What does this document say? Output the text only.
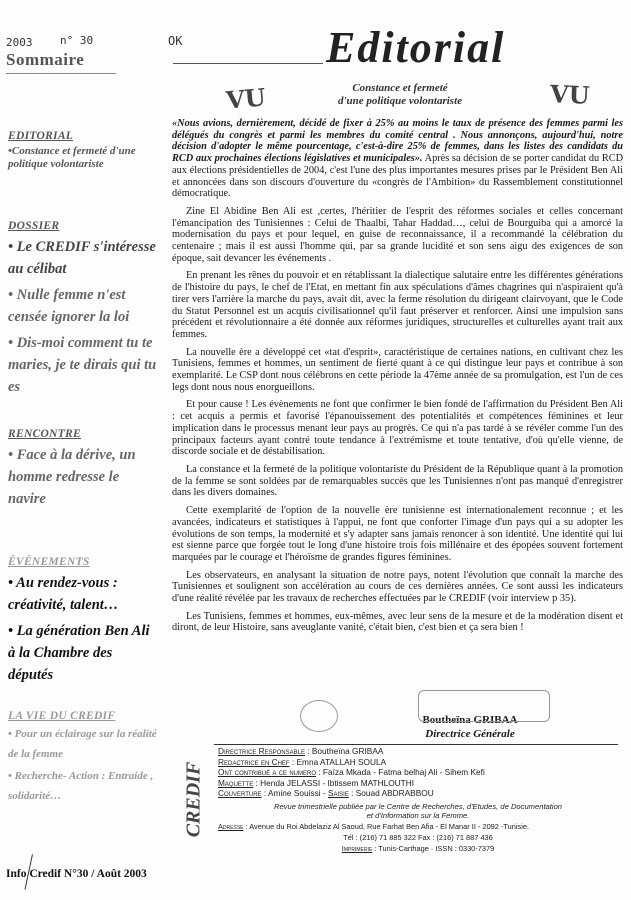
2003	n° 30	OK
Sommaire
EDITORIAL
•Constance et fermeté d'une politique volontariste
DOSSIER
• Le CREDIF s'intéresse au célibat
• Nulle femme n'est censée ignorer la loi
• Dis-moi comment tu te maries, je te dirais qui tu es
RENCONTRE
• Face à la dérive, un homme redresse le navire
ÉVÉNEMENTS
• Au rendez-vous : créativité, talent…
• La génération Ben Ali à la Chambre des députés
LA VIE DU CREDIF
• Pour un éclairage sur la réalité de la femme
• Recherche- Action : Entraide , solidarité…
Editorial
VU	VU
Constance et fermeté
d'une politique volontariste

«Nous avions, dernièrement, décidé de fixer à 25% au moins le taux de présence des femmes parmi les délégués du congrès et parmi les membres du comité central . Nous annonçons, aujourd'hui, notre décision d'adopter le même pourcentage, c'est-à-dire 25% de femmes, dans les listes des candidats du RCD aux prochaines élections législatives et municipales». Après sa décision de se porter candidat du RCD aux élections présidentielles de 2004, c'est l'une des plus importantes mesures prises par le Président Ben Ali et annoncées dans son discours d'ouverture du «congrès de l'Ambition» du Rassemblement constitutionnel démocratique.

Zine El Abidine Ben Ali est ,certes, l'héritier de l'esprit des réformes sociales et celles concernant l'émancipation des Tunisiennes : Celui de Thaalbi, Tahar Haddad…, celui de Bourguiba qui a amorcé la modernisation du pays et pour lequel, en guise de reconnaissance, il a recommandé la célébration du centenaire ; mais il est aussi l'homme qui, par sa grande lucidité et son sens aigu des exigences de son époque, sait devancer les événements .

En prenant les rênes du pouvoir et en rétablissant la dialectique salutaire entre les différentes générations de l'histoire du pays, le chef de l'Etat, en mettant fin aux spéculations d'âmes chagrines qui n'aspiraient qu'à tirer vers l'arrière la marche du pays, avait dit, avec la ferme résolution du dirigeant clairvoyant, que le Code du Statut Personnel est un acquis civilisationnel qu'il faut préserver et renforcer. Ainsi une impulsion sans précédent et révolutionnaire a été donnée aux réformes juridiques, structurelles et culturelles ayant trait aux femmes.

La nouvelle ère a développé cet «tat d'esprit», caractéristique de certaines nations, en cultivant chez les Tunisiens, femmes et hommes, un sentiment de fierté quant à ce qui distingue leur pays et contribue à son exemplarité. Le CSP dont nous célébrons en cette période la 47ème année de sa promulgation, est l'un de ces legs dont nous nous enorgueillons.

Et pour cause ! Les évènements ne font que confirmer le bien fondé de l'affirmation du Président Ben Ali : cet acquis a permis et favorisé l'épanouissement des potentialités et compétences féminines et leur implication dans le processus menant leur pays au progrès. Ce qui n'a pas tardé à se révéler comme l'un des principaux facteurs ayant contré toute tendance à l'extrémisme et toute tentative, d'où qu'elle vienne, de discorde sociale et de déstabilisation.

La constance et la fermeté de la politique volontariste du Président de la République quant à la promotion de la femme se sont soldées par de remarquables succès que les Tunisiennes n'ont pas manqué d'enregistrer dans les divers domaines.

Cette exemplarité de l'option de la nouvelle ère tunisienne est internationalement reconnue ; et les avancées, indicateurs et statistiques à l'appui, ne font que conforter l'image d'un pays qui a su adopter les évolutions de son temps, la modernité et s'y adapter sans jamais renoncer à son identité. Une identité qui lui est sienne parce que forgée tout le long d'une histoire trois fois millénaire et des épopées souvent fortement marquées par le courage et l'héroïsme de grandes figures féminines.

Les observateurs, en analysant la situation de notre pays, notent l'évolution que connaît la marche des Tunisiennes et soulignent son accélération au cours de ces dernières années. Ce sont aussi les indicateurs d'une réalité révélée par les travaux de recherches effectuées par le CREDIF (voir interview p 35).

Les Tunisiens, femmes et hommes, eux-mêmes, avec leur sens de la mesure et de la modération disent et diront, de leur Histoire, sans aveuglante vanité, c'était bien, c'est bien et ça sera bien !

Boutheïna GRIBAA
Directrice Générale
CREDIF
Directrice Responsable : Boutheïna GRIBAA
Redactrice en Chef : Emna ATALLAH SOULA
Ont contribué a ce numero : Faïza Mkada - Fatma belhaj Ali - Sihem Kefi
Maquette : Henda JELASSI - Ibtissem MATHLOUTHI
Couverture : Amine Souissi - Saisie : Souad ABDRABBOU
Revue trimestrielle publiée par le Centre de Recherches, d'Etudes, de Documentation
et d'Information sur la Femme.
Adresse : Avenue du Roi Abdelaziz Al Saoud, Rue Farhat Ben Afia - El Manar II - 2092 -Tunisie.
Tél : (216) 71 885 322 Fax : (216) 71 887 436
Imprimerie : Tunis-Carthage · ISSN : 0330-7379
Info Credif N°30 / Août 2003
